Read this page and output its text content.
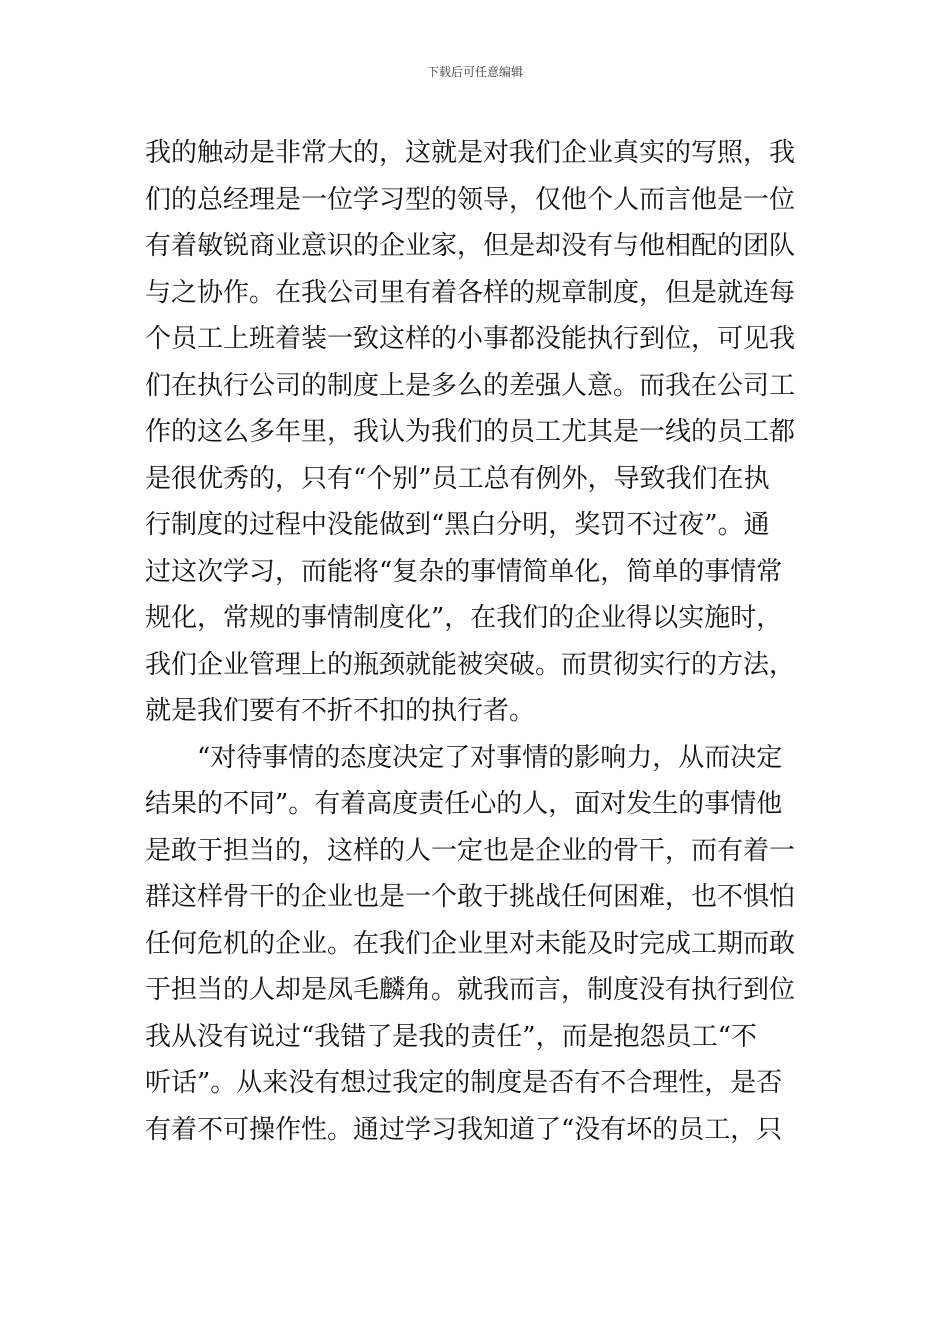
下载后可任意编辑
我的触动是非常大的，这就是对我们企业真实的写照，我
们的总经理是一位学习型的领导，仅他个人而言他是一位
有着敏锐商业意识的企业家，但是却没有与他相配的团队
与之协作。在我公司里有着各样的规章制度，但是就连每
个员工上班着装一致这样的小事都没能执行到位，可见我
们在执行公司的制度上是多么的差强人意。而我在公司工
作的这么多年里，我认为我们的员工尤其是一线的员工都
是很优秀的，只有“个别”员工总有例外，导致我们在执
行制度的过程中没能做到“黑白分明，奖罚不过夜”。通
过这次学习，而能将“复杂的事情简单化，简单的事情常
规化，常规的事情制度化”，在我们的企业得以实施时，
我们企业管理上的瓶颈就能被突破。而贯彻实行的方法，
就是我们要有不折不扣的执行者。
“对待事情的态度决定了对事情的影响力，从而决定
结果的不同”。有着高度责任心的人，面对发生的事情他
是敢于担当的，这样的人一定也是企业的骨干，而有着一
群这样骨干的企业也是一个敢于挑战任何困难，也不惧怕
任何危机的企业。在我们企业里对未能及时完成工期而敢
于担当的人却是凤毛麟角。就我而言，制度没有执行到位
我从没有说过“我错了是我的责任”，而是抱怨员工“不
听话”。从来没有想过我定的制度是否有不合理性，是否
有着不可操作性。通过学习我知道了“没有坏的员工，只
